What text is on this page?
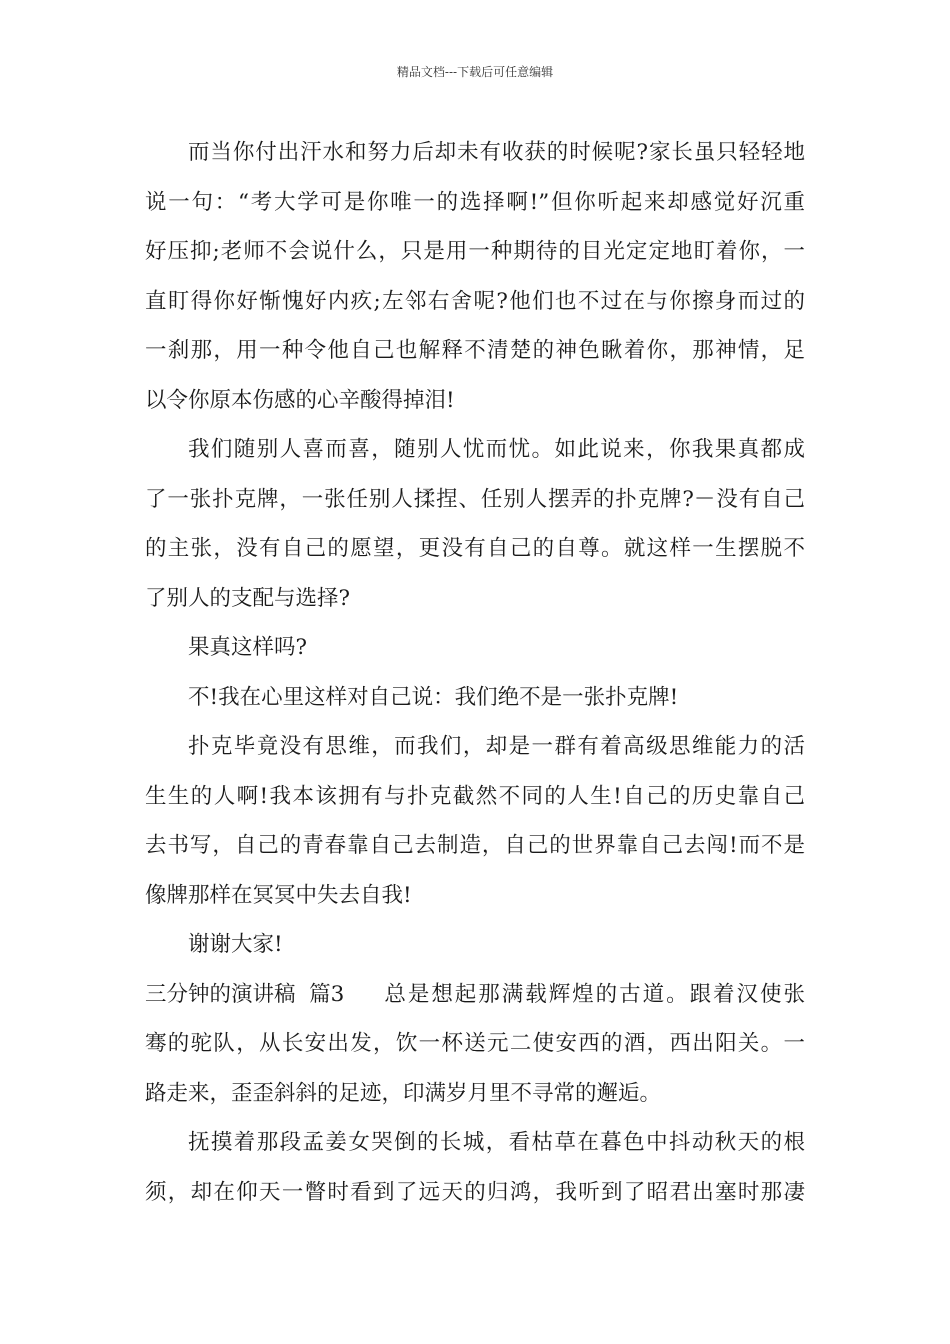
精品文档---下载后可任意编辑
而当你付出汗水和努力后却未有收获的时候呢?家长虽只轻轻地
说一句：“考大学可是你唯一的选择啊!”但你听起来却感觉好沉重
好压抑;老师不会说什么，只是用一种期待的目光定定地盯着你，一
直盯得你好惭愧好内疚;左邻右舍呢?他们也不过在与你擦身而过的
一刹那，用一种令他自己也解释不清楚的神色瞅着你，那神情，足
以令你原本伤感的心辛酸得掉泪!
我们随别人喜而喜，随别人忧而忧。如此说来，你我果真都成
了一张扑克牌，一张任别人揉捏、任别人摆弄的扑克牌?－没有自己
的主张，没有自己的愿望，更没有自己的自尊。就这样一生摆脱不
了别人的支配与选择?
果真这样吗?
不!我在心里这样对自己说：我们绝不是一张扑克牌!
扑克毕竟没有思维，而我们，却是一群有着高级思维能力的活
生生的人啊!我本该拥有与扑克截然不同的人生!自己的历史靠自己
去书写，自己的青春靠自己去制造，自己的世界靠自己去闯!而不是
像牌那样在冥冥中失去自我!
谢谢大家!
三分钟的演讲稿  篇3 总是想起那满载辉煌的古道。跟着汉使张
骞的驼队，从长安出发，饮一杯送元二使安西的酒，西出阳关。一
路走来，歪歪斜斜的足迹，印满岁月里不寻常的邂逅。
抚摸着那段孟姜女哭倒的长城，看枯草在暮色中抖动秋天的根
须，却在仰天一瞥时看到了远天的归鸿，我听到了昭君出塞时那凄
